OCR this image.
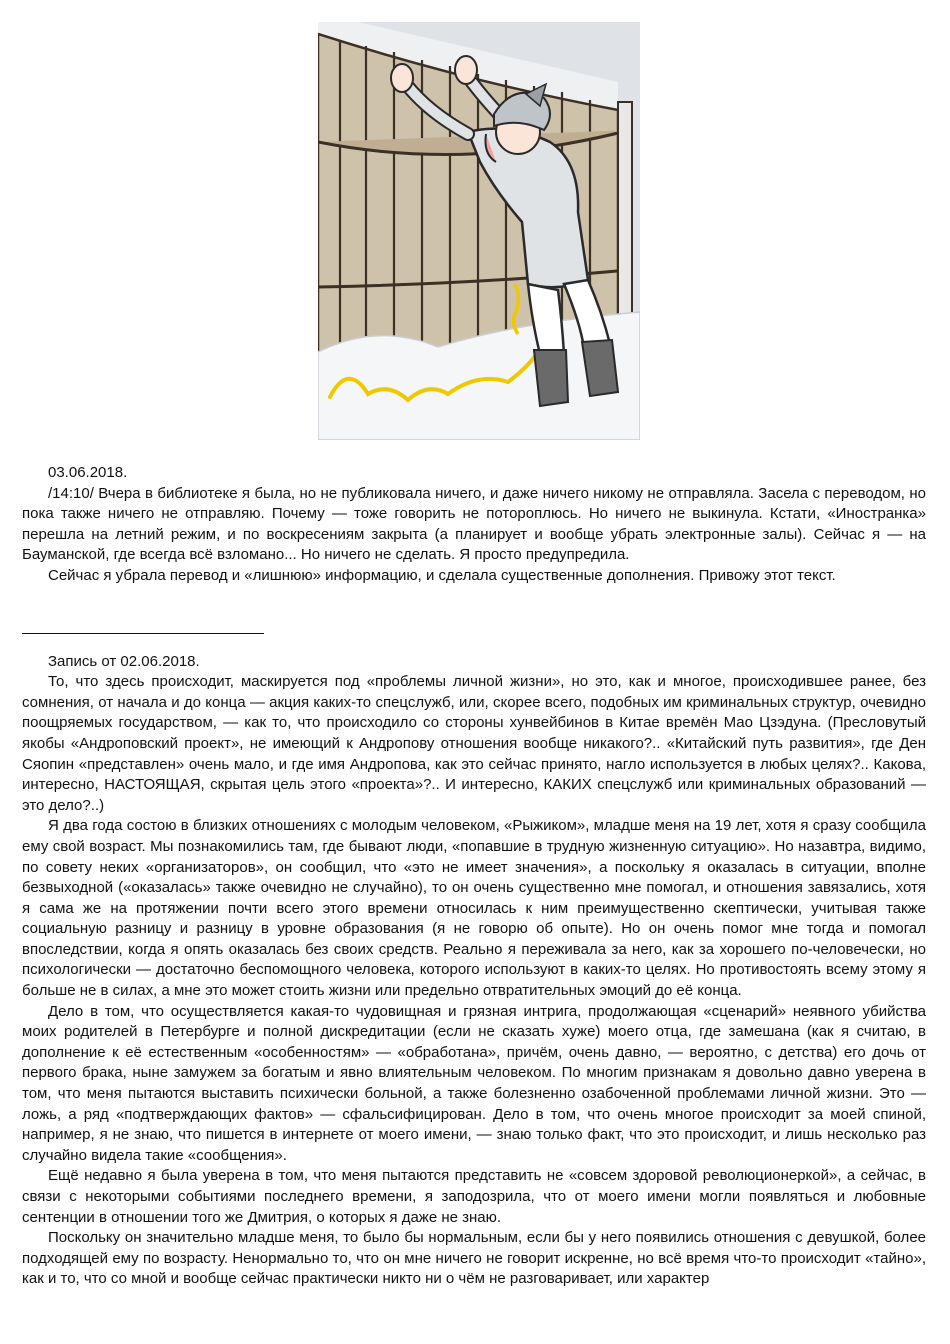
03.06.2018.

/14:10/ Вчера в библиотеке я была, но не публиковала ничего, и даже ничего никому не отправляла. Засела с переводом, но пока также ничего не отправляю. Почему — тоже говорить не потороплюсь. Но ничего не выкинула. Кстати, «Иностранка» перешла на летний режим, и по воскресениям закрыта (а планирует и вообще убрать электронные залы). Сейчас я — на Бауманской, где всегда всё взломано... Но ничего не сделать. Я просто предупредила.

Сейчас я убрала перевод и «лишнюю» информацию, и сделала существенные дополнения. Привожу этот текст.

Запись от 02.06.2018.

То, что здесь происходит, маскируется под «проблемы личной жизни», но это, как и многое, происходившее ранее, без сомнения, от начала и до конца — акция каких-то спецслужб, или, скорее всего, подобных им криминальных структур, очевидно поощряемых государством, — как то, что происходило со стороны хунвейбинов в Китае времён Мао Цзэдуна. (Пресловутый якобы «Андроповский проект», не имеющий к Андропову отношения вообще никакого?.. «Китайский путь развития», где Ден Сяопин «представлен» очень мало, и где имя Андропова, как это сейчас принято, нагло используется в любых целях?.. Какова, интересно, НАСТОЯЩАЯ, скрытая цель этого «проекта»?.. И интересно, КАКИХ спецслужб или криминальных образований — это дело?..)

Я два года состою в близких отношениях с молодым человеком, «Рыжиком», младше меня на 19 лет, хотя я сразу сообщила ему свой возраст. Мы познакомились там, где бывают люди, «попавшие в трудную жизненную ситуацию». Но назавтра, видимо, по совету неких «организаторов», он сообщил, что «это не имеет значения», а поскольку я оказалась в ситуации, вполне безвыходной («оказалась» также очевидно не случайно), то он очень существенно мне помогал, и отношения завязались, хотя я сама же на протяжении почти всего этого времени относилась к ним преимущественно скептически, учитывая также социальную разницу и разницу в уровне образования (я не говорю об опыте). Но он очень помог мне тогда и помогал впоследствии, когда я опять оказалась без своих средств. Реально я переживала за него, как за хорошего по-человечески, но психологически — достаточно беспомощного человека, которого используют в каких-то целях. Но противостоять всему этому я больше не в силах, а мне это может стоить жизни или предельно отвратительных эмоций до её конца.

Дело в том, что осуществляется какая-то чудовищная и грязная интрига, продолжающая «сценарий» неявного убийства моих родителей в Петербурге и полной дискредитации (если не сказать хуже) моего отца, где замешана (как я считаю, в дополнение к её естественным «особенностям» — «обработана», причём, очень давно, — вероятно, с детства) его дочь от первого брака, ныне замужем за богатым и явно влиятельным человеком. По многим признакам я довольно давно уверена в том, что меня пытаются выставить психически больной, а также болезненно озабоченной проблемами личной жизни. Это — ложь, а ряд «подтверждающих фактов» — сфальсифицирован. Дело в том, что очень многое происходит за моей спиной, например, я не знаю, что пишется в интернете от моего имени, — знаю только факт, что это происходит, и лишь несколько раз случайно видела такие «сообщения».

Ещё недавно я была уверена в том, что меня пытаются представить не «совсем здоровой революционеркой», а сейчас, в связи с некоторыми событиями последнего времени, я заподозрила, что от моего имени могли появляться и любовные сентенции в отношении того же Дмитрия, о которых я даже не знаю.

Поскольку он значительно младше меня, то было бы нормальным, если бы у него появились отношения с девушкой, более подходящей ему по возрасту. Ненормально то, что он мне ничего не говорит искренне, но всё время что-то происходит «тайно», как и то, что со мной и вообще сейчас практически никто ни о чём не разговаривает, или характер
